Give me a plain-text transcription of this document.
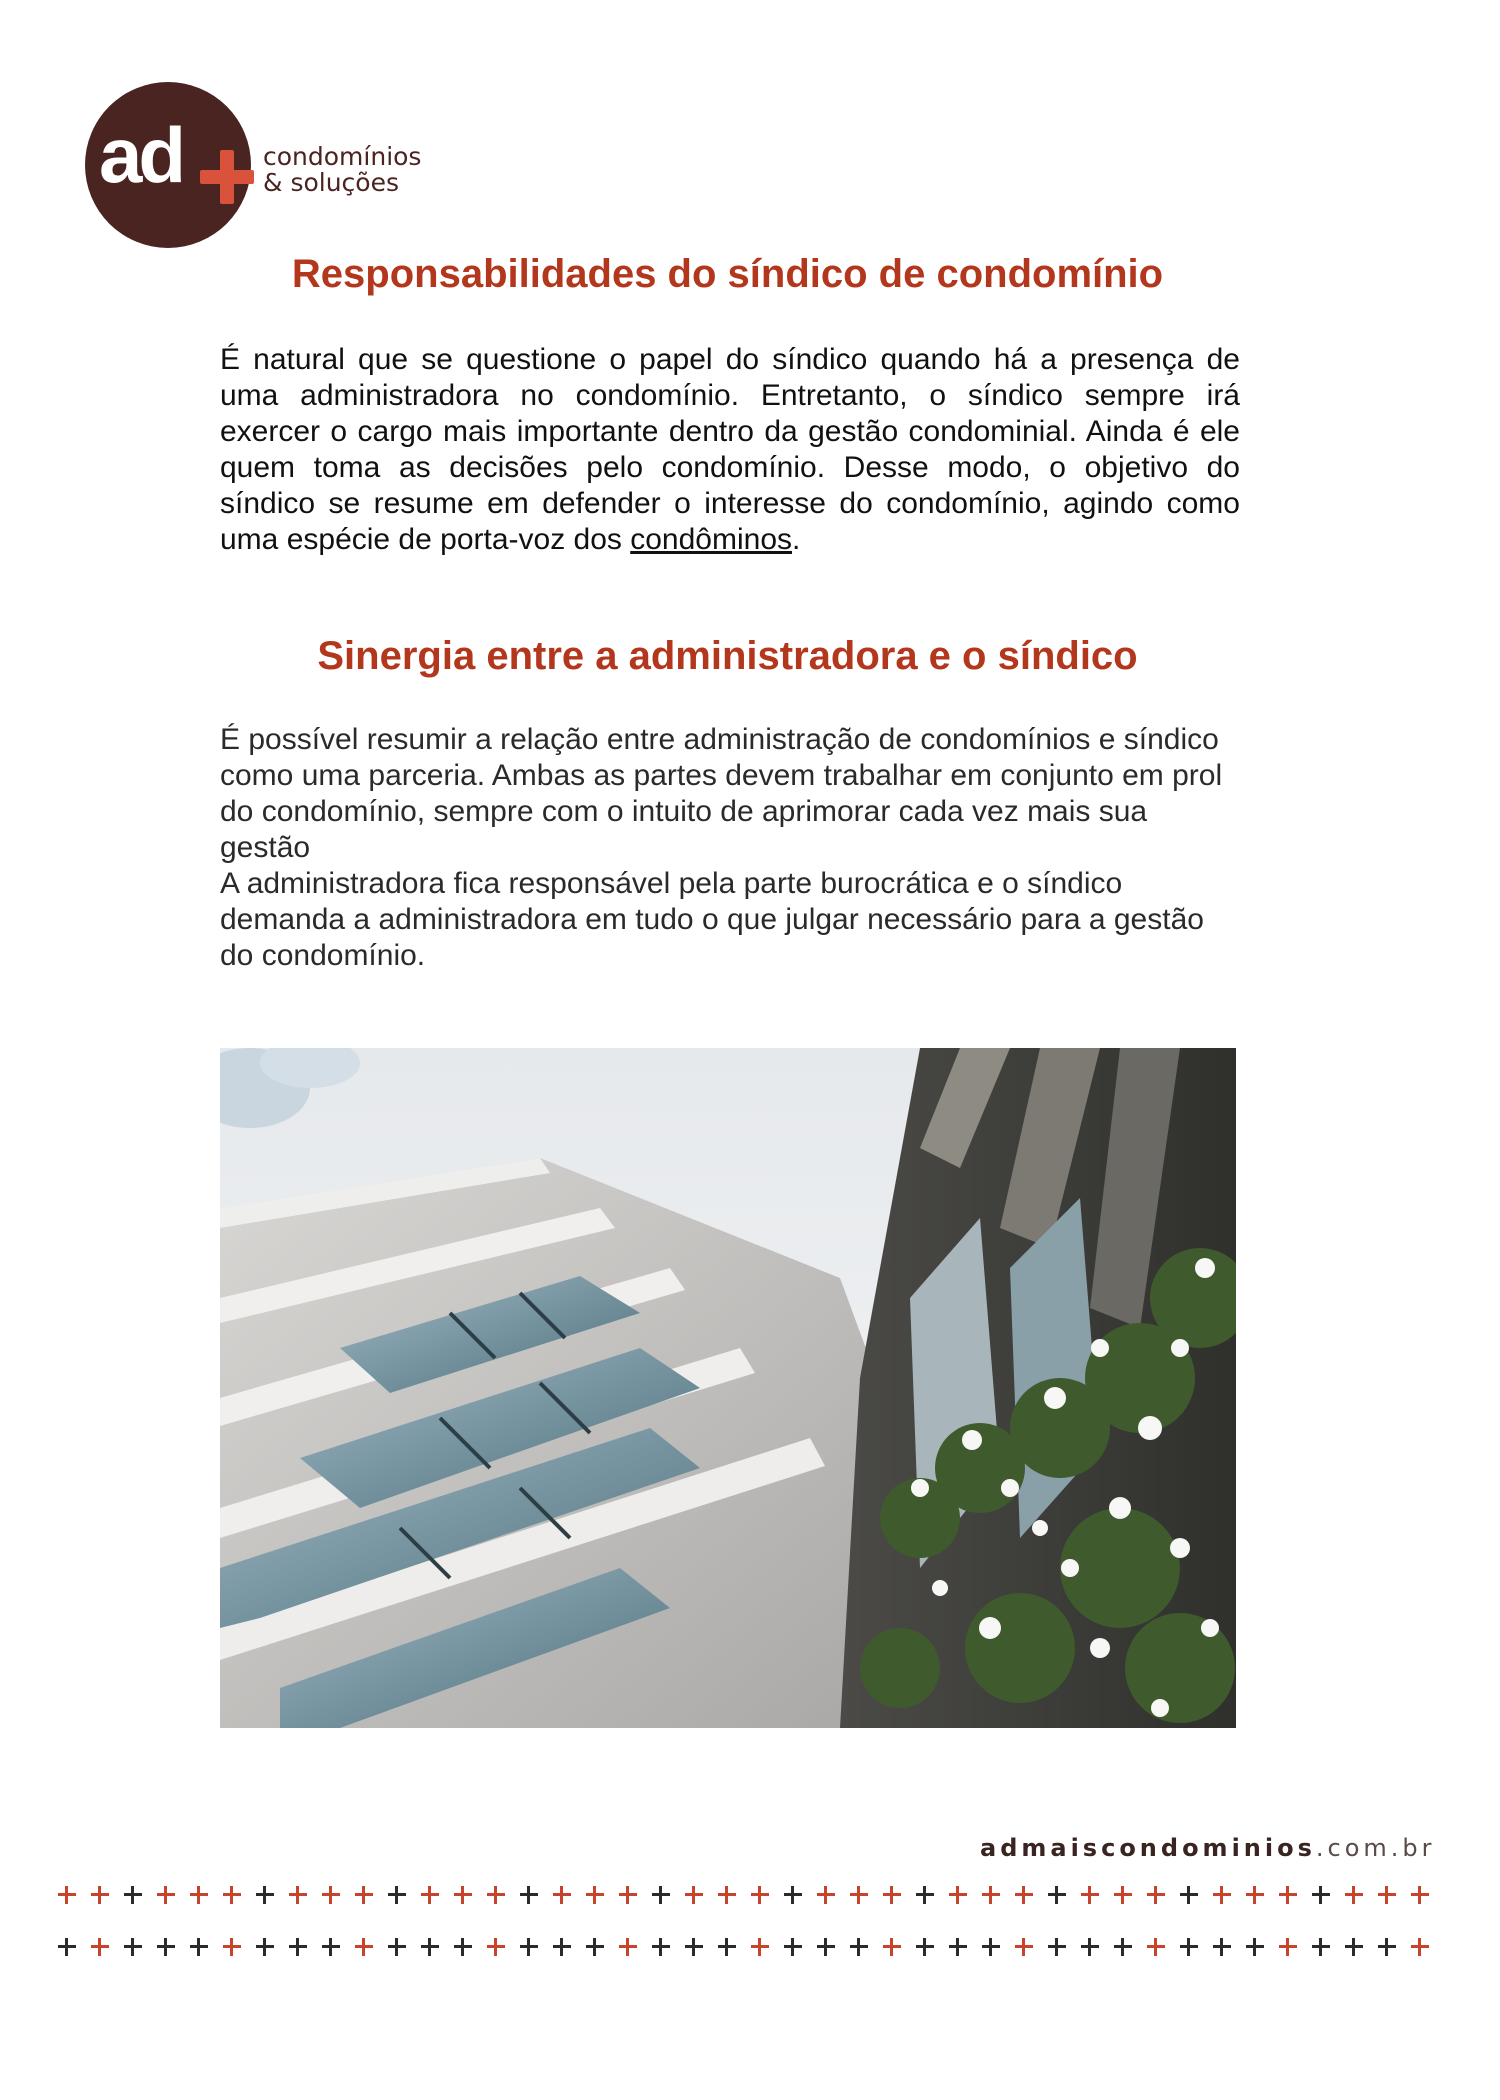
ad	condomínios
& soluções
Responsabilidades do síndico de condomínio

É natural que se questione o papel do síndico quando há a presença de uma administradora no condomínio. Entretanto, o síndico sempre irá exercer o cargo mais importante dentro da gestão condominial. Ainda é ele quem toma as decisões pelo condomínio. Desse modo, o objetivo do síndico se resume em defender o interesse do condomínio, agindo como uma espécie de porta-voz dos condôminos.

Sinergia entre a administradora e o síndico

É possível resumir a relação entre administração de condomínios e síndico como uma parceria. Ambas as partes devem trabalhar em conjunto em prol do condomínio, sempre com o intuito de aprimorar cada vez mais sua gestão

A administradora fica responsável pela parte burocrática e o síndico demanda a administradora em tudo o que julgar necessário para a gestão do condomínio.

admaiscondominios.com.br
